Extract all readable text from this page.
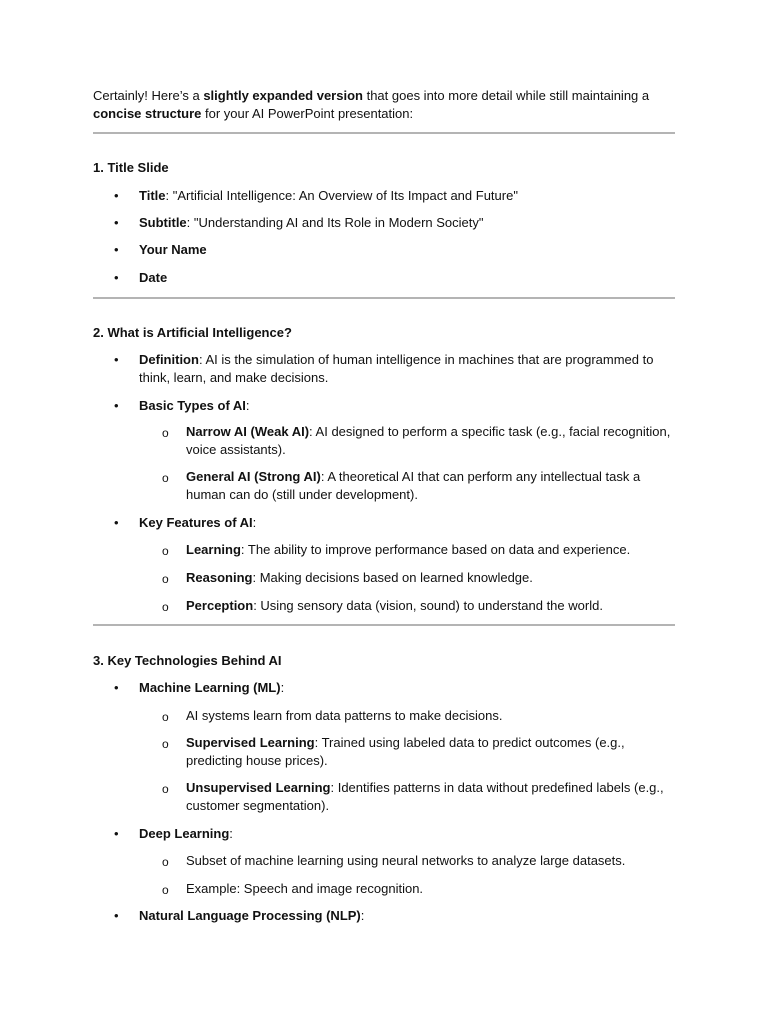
Certainly! Here’s a slightly expanded version that goes into more detail while still maintaining a
concise structure for your AI PowerPoint presentation:

1. Title Slide

• Title: "Artificial Intelligence: An Overview of Its Impact and Future"

• Subtitle: "Understanding AI and Its Role in Modern Society"

• Your Name

• Date

2. What is Artificial Intelligence?

• Definition: AI is the simulation of human intelligence in machines that are programmed to think, learn, and make decisions.

• Basic Types of AI:

o Narrow AI (Weak AI): AI designed to perform a specific task (e.g., facial recognition, voice assistants).

o General AI (Strong AI): A theoretical AI that can perform any intellectual task a human can do (still under development).

• Key Features of AI:

o Learning: The ability to improve performance based on data and experience.

o Reasoning: Making decisions based on learned knowledge.

o Perception: Using sensory data (vision, sound) to understand the world.

3. Key Technologies Behind AI

• Machine Learning (ML):

o AI systems learn from data patterns to make decisions.

o Supervised Learning: Trained using labeled data to predict outcomes (e.g., predicting house prices).

o Unsupervised Learning: Identifies patterns in data without predefined labels (e.g., customer segmentation).

• Deep Learning:

o Subset of machine learning using neural networks to analyze large datasets.

o Example: Speech and image recognition.

• Natural Language Processing (NLP):
